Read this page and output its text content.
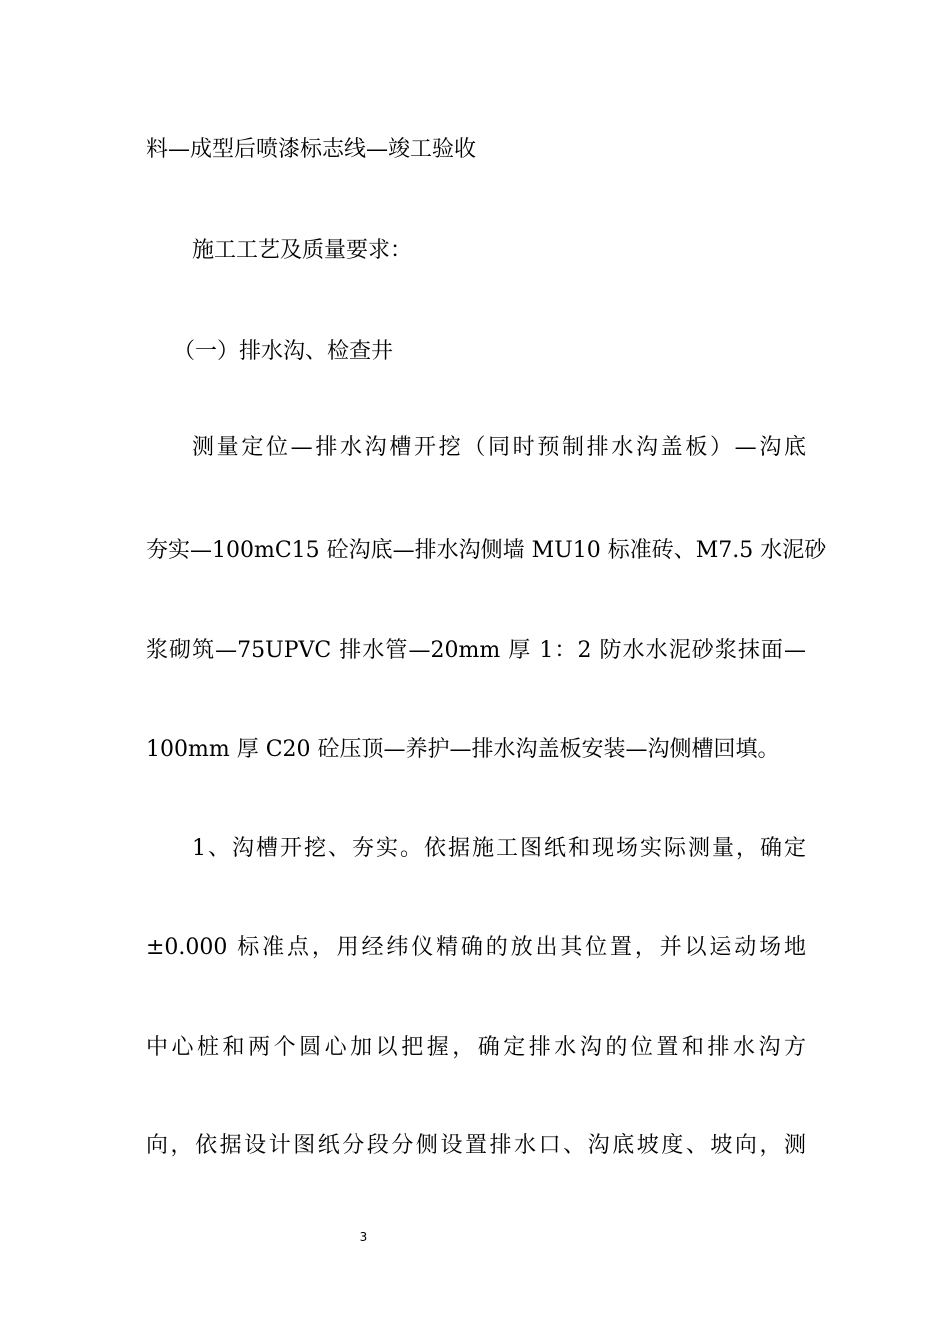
料—成型后喷漆标志线—竣工验收
施工工艺及质量要求：
（一）排水沟、检查井
测量定位—排水沟槽开挖（同时预制排水沟盖板）—沟底
夯实—100mC15 砼沟底—排水沟侧墙 MU10 标准砖、M7.5 水泥砂
浆砌筑—75UPVC 排水管—20mm 厚 1：2 防水水泥砂浆抹面—
100mm 厚 C20 砼压顶—养护—排水沟盖板安装—沟侧槽回填。
1、沟槽开挖、夯实。依据施工图纸和现场实际测量，确定
±0.000 标准点，用经纬仪精确的放出其位置，并以运动场地
中心桩和两个圆心加以把握，确定排水沟的位置和排水沟方
向，依据设计图纸分段分侧设置排水口、沟底坡度、坡向，测
3
